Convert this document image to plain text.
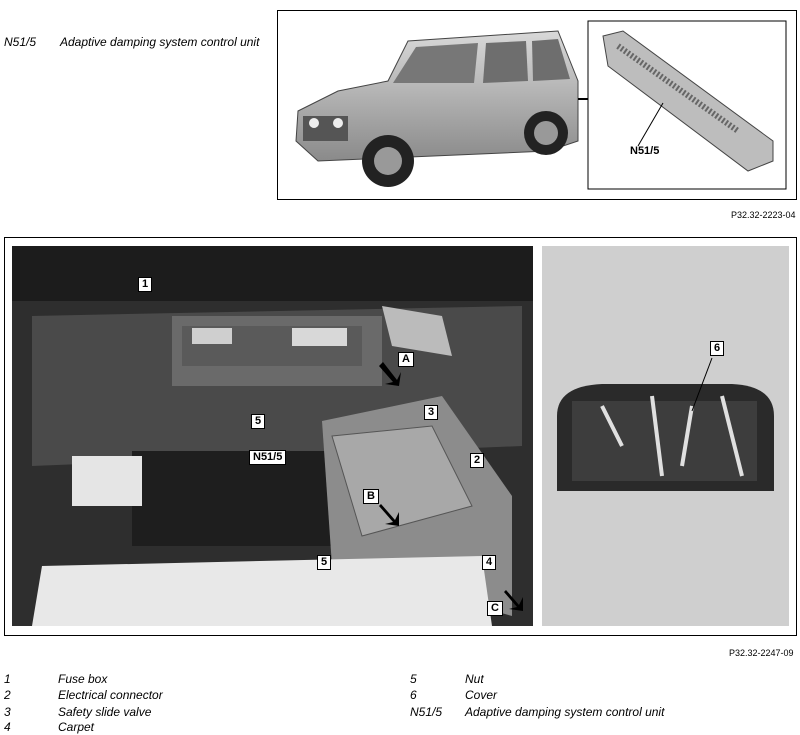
N51/5 Adaptive damping system control unit
N51/5
P32.32-2223-04
1
A
3
5
N51/5	2
B
5	4
C
6
P32.32-2247-09
1	Fuse box
2	Electrical connector
3	Safety slide valve
4	Carpet
5	Nut
6	Cover
N51/5 Adaptive damping system control unit
